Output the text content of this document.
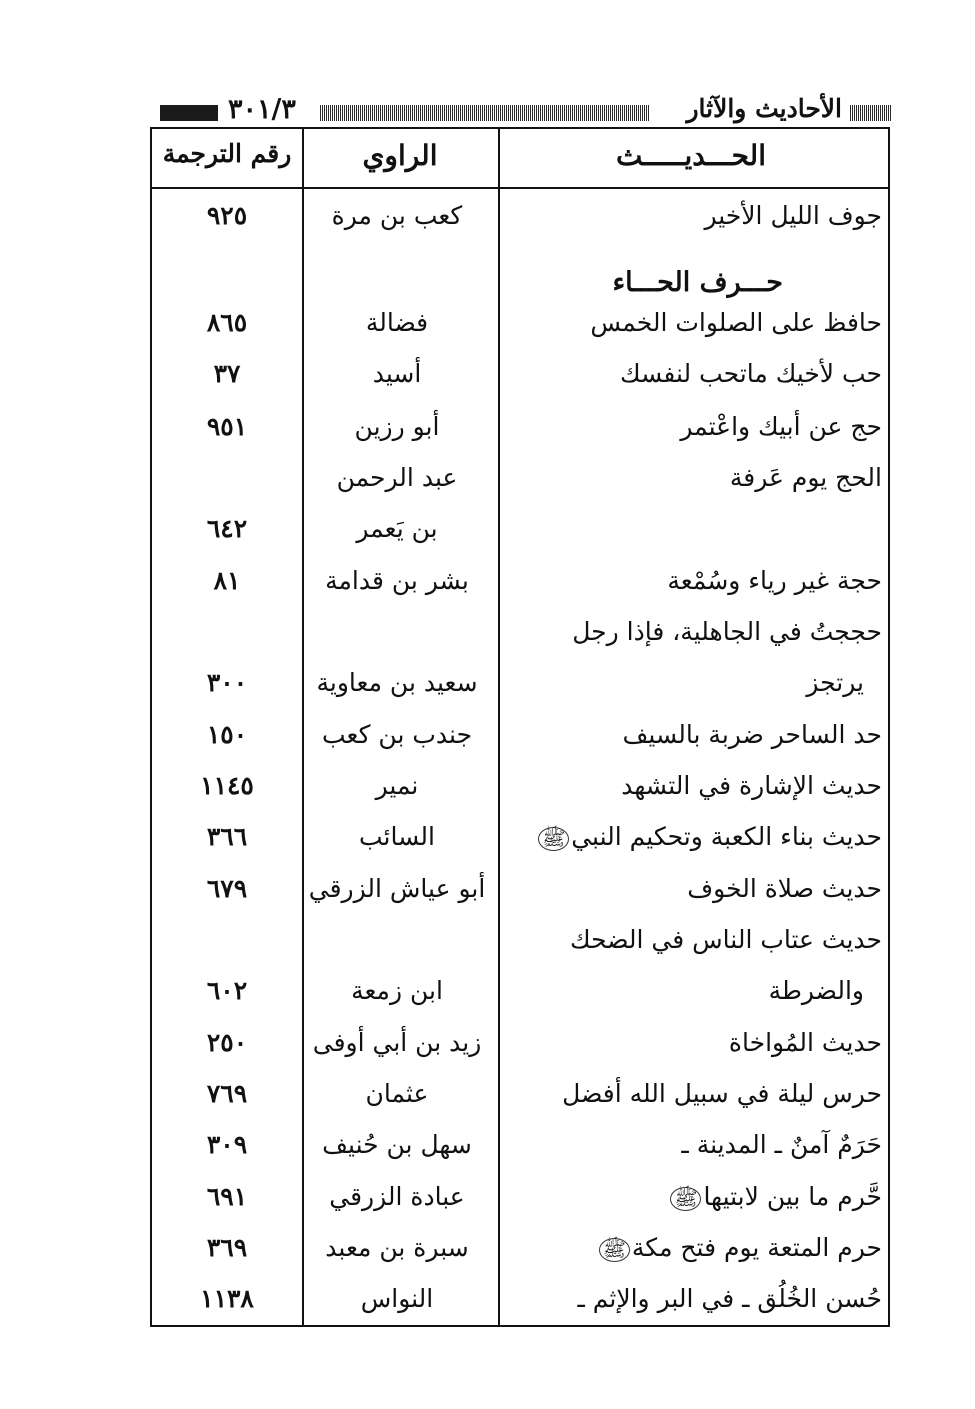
٣٠١/٣	الأحاديث والآثار
الحـــديـــــث
الراوي
رقم الترجمة
حـــرف الحـــاء
جوف الليل الأخير
كعب بن مرة
٩٢٥
حافظ على الصلوات الخمس
فضالة
٨٦٥
حب لأخيك ماتحب لنفسك
أسيد
٣٧
حج عن أبيك واعْتمر
أبو رزين
٩٥١
الحج يوم عَرفة
عبد الرحمن
بن يَعمر
٦٤٢
حجة غير رياء وسُمْعة
بشر بن قدامة
٨١
حججتُ في الجاهلية، فإذا رجل
يرتجز
سعيد بن معاوية
٣٠٠
حد الساحر ضربة بالسيف
جندب بن كعب
١٥٠
حديث الإشارة في التشهد
نمير
١١٤٥
حديث بناء الكعبة وتحكيم النبيﷺ
السائب
٣٦٦
حديث صلاة الخوف
أبو عياش الزرقي
٦٧٩
حديث عتاب الناس في الضحك
والضرطة
ابن زمعة
٦٠٢
حديث المُواخاة
زيد بن أبي أوفى
٢٥٠
حرس ليلة في سبيل الله أفضل
عثمان
٧٦٩
حَرَمٌ آمنٌ ـ المدينة ـ
سهل بن حُنيف
٣٠٩
حَّرم ما بين لابتيهاﷺ
عبادة الزرقي
٦٩١
حرم المتعة يوم فتح مكةﷺ
سبرة بن معبد
٣٦٩
حُسن الخُلُق ـ في البر والإثم ـ
النواس
١١٣٨
